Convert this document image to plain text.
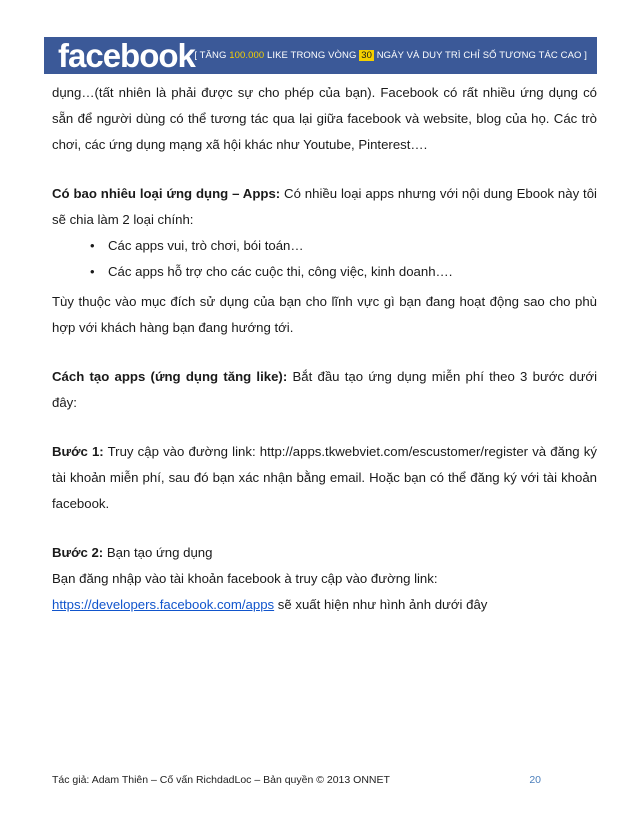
facebook [ TĂNG 100.000 LIKE TRONG VÒNG 30 NGÀY VÀ DUY TRÌ CHỈ SỐ TƯƠNG TÁC CAO ]

dụng…(tất nhiên là phải được sự cho phép của bạn). Facebook có rất nhiều ứng dụng có sẵn để người dùng có thể tương tác qua lại giữa facebook và website, blog của họ. Các trò chơi, các ứng dụng mạng xã hội khác như Youtube, Pinterest….

Có bao nhiêu loại ứng dụng – Apps: Có nhiều loại apps nhưng với nội dung Ebook này tôi sẽ chia làm 2 loại chính:

• Các apps vui, trò chơi, bói toán…
• Các apps hỗ trợ cho các cuộc thi, công việc, kinh doanh….

Tùy thuộc vào mục đích sử dụng của bạn cho lĩnh vực gì bạn đang hoạt động sao cho phù hợp với khách hàng bạn đang hướng tới.

Cách tạo apps (ứng dụng tăng like): Bắt đầu tạo ứng dụng miễn phí theo 3 bước dưới đây:

Bước 1: Truy cập vào đường link: http://apps.tkwebviet.com/escustomer/register và đăng ký tài khoản miễn phí, sau đó bạn xác nhận bằng email. Hoặc bạn có thể đăng ký với tài khoản facebook.

Bước 2: Bạn tạo ứng dụng

Bạn đăng nhập vào tài khoản facebook à truy cập vào đường link:

https://developers.facebook.com/apps sẽ xuất hiện như hình ảnh dưới đây

Tác giả: Adam Thiên – Cố vấn RichdadLoc – Bản quyền © 2013 ONNET	20
